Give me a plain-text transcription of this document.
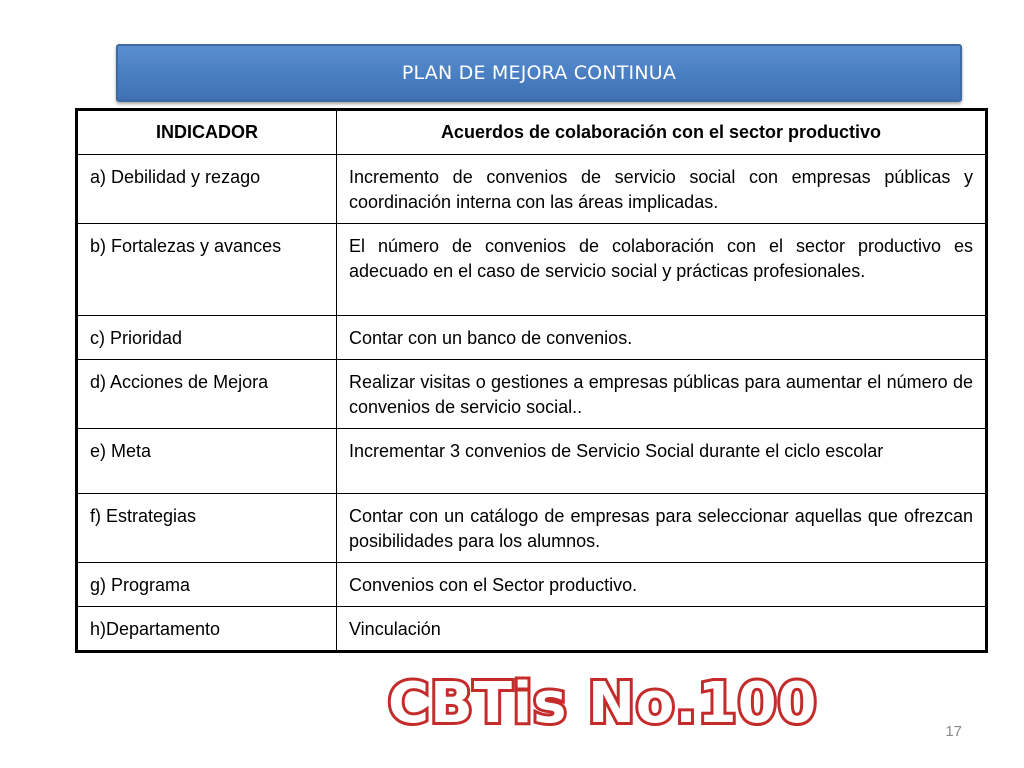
PLAN DE MEJORA CONTINUA
INDICADOR	Acuerdos de colaboración con el sector productivo
a) Debilidad y rezago	Incremento de convenios de servicio social con empresas públicas y coordinación interna con las áreas implicadas.
b) Fortalezas y avances	El número de convenios de colaboración con el sector productivo es adecuado en el caso de servicio social y prácticas profesionales.
c) Prioridad	Contar con un banco de convenios.
d) Acciones de Mejora	Realizar visitas o gestiones a empresas públicas para aumentar el número de convenios de servicio social..
e) Meta	Incrementar 3 convenios de Servicio Social durante el ciclo escolar
f) Estrategias	Contar con un catálogo de empresas para seleccionar aquellas que ofrezcan posibilidades para los alumnos.
g) Programa	Convenios con el Sector productivo.
h)Departamento	Vinculación
CBTis No.100	17
